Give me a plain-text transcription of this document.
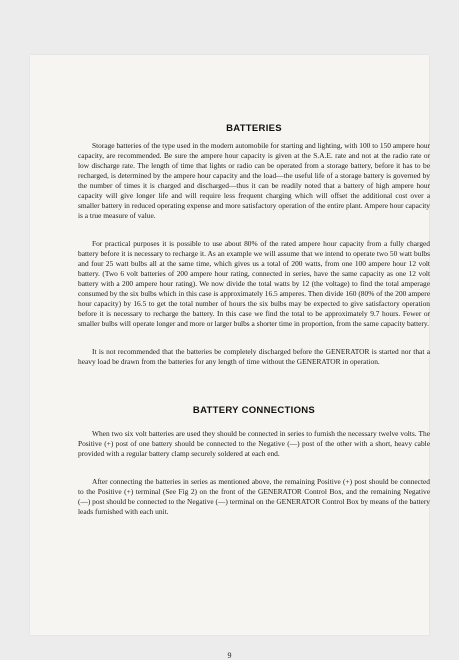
BATTERIES

Storage batteries of the type used in the modern automobile for starting and lighting, with 100 to 150 ampere hour capacity, are recommended. Be sure the ampere hour capacity is given at the S.A.E. rate and not at the radio rate or low discharge rate. The length of time that lights or radio can be operated from a storage battery, before it has to be recharged, is determined by the ampere hour capacity and the load—the useful life of a storage battery is governed by the number of times it is charged and discharged—thus it can be readily noted that a battery of high ampere hour capacity will give longer life and will require less frequent charging which will offset the additional cost over a smaller battery in reduced operating expense and more satisfactory operation of the entire plant. Ampere hour capacity is a true measure of value.

For practical purposes it is possible to use about 80% of the rated ampere hour capacity from a fully charged battery before it is necessary to recharge it. As an example we will assume that we intend to operate two 50 watt bulbs and four 25 watt bulbs all at the same time, which gives us a total of 200 watts, from one 100 ampere hour 12 volt battery. (Two 6 volt batteries of 200 ampere hour rating, connected in series, have the same capacity as one 12 volt battery with a 200 ampere hour rating). We now divide the total watts by 12 (the voltage) to find the total amperage consumed by the six bulbs which in this case is approximately 16.5 amperes. Then divide 160 (80% of the 200 ampere hour capacity) by 16.5 to get the total number of hours the six bulbs may be expected to give satisfactory operation before it is necessary to recharge the battery. In this case we find the total to be approximately 9.7 hours. Fewer or smaller bulbs will operate longer and more or larger bulbs a shorter time in proportion, from the same capacity battery.

It is not recommended that the batteries be completely discharged before the GENERATOR is started nor that a heavy load be drawn from the batteries for any length of time without the GENERATOR in operation.

BATTERY CONNECTIONS

When two six volt batteries are used they should be connected in series to furnish the necessary twelve volts. The Positive (+) post of one battery should be connected to the Negative (—) post of the other with a short, heavy cable provided with a regular battery clamp securely soldered at each end.

After connecting the batteries in series as mentioned above, the remaining Positive (+) post should be connected to the Positive (+) terminal (See Fig 2) on the front of the GENERATOR Control Box, and the remaining Negative (—) post should be connected to the Negative (—) terminal on the GENERATOR Control Box by means of the battery leads furnished with each unit.

9
